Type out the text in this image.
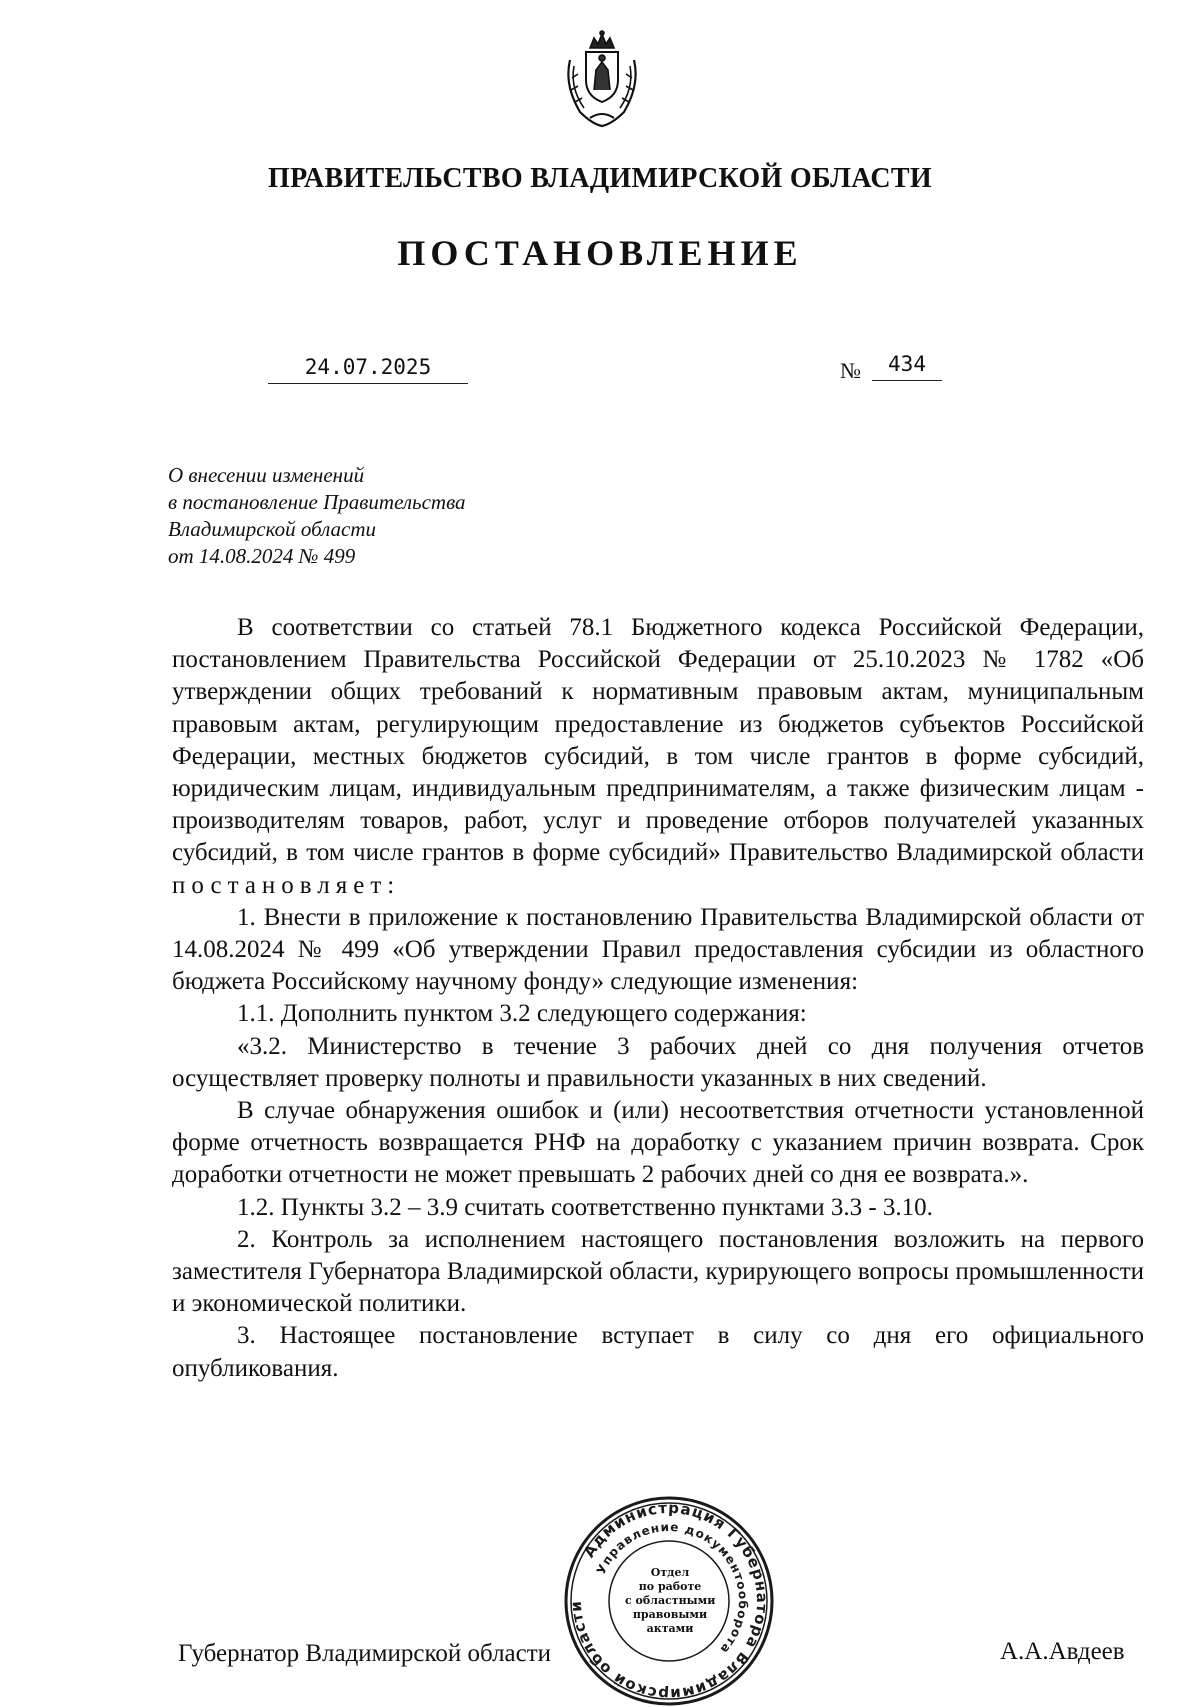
ПРАВИТЕЛЬСТВО ВЛАДИМИРСКОЙ ОБЛАСТИ
ПОСТАНОВЛЕНИЕ
24.07.2025	№	434
О внесении изменений
в постановление Правительства
Владимирской области
от 14.08.2024 № 499

В соответствии со статьей 78.1 Бюджетного кодекса Российской Федерации, постановлением Правительства Российской Федерации от 25.10.2023 № 1782 «Об утверждении общих требований к нормативным правовым актам, муниципальным правовым актам, регулирующим предоставление из бюджетов субъектов Российской Федерации, местных бюджетов субсидий, в том числе грантов в форме субсидий, юридическим лицам, индивидуальным предпринимателям, а также физическим лицам - производителям товаров, работ, услуг и проведение отборов получателей указанных субсидий, в том числе грантов в форме субсидий» Правительство Владимирской области постановляет:

1. Внести в приложение к постановлению Правительства Владимирской области от 14.08.2024 № 499 «Об утверждении Правил предоставления субсидии из областного бюджета Российскому научному фонду» следующие изменения:

1.1. Дополнить пунктом 3.2 следующего содержания:

«3.2. Министерство в течение 3 рабочих дней со дня получения отчетов осуществляет проверку полноты и правильности указанных в них сведений.

В случае обнаружения ошибок и (или) несоответствия отчетности установленной форме отчетность возвращается РНФ на доработку с указанием причин возврата. Срок доработки отчетности не может превышать 2 рабочих дней со дня ее возврата.».

1.2. Пункты 3.2 – 3.9 считать соответственно пунктами 3.3 - 3.10.

2. Контроль за исполнением настоящего постановления возложить на первого заместителя Губернатора Владимирской области, курирующего вопросы промышленности и экономической политики.

3. Настоящее постановление вступает в силу со дня его официального опубликования.

Губернатор Владимирской области	А.А.Авдеев
Администрация Губернатора Владимирской области
Управление документооборота
Отдел
по работе
с областными
правовыми
актами
